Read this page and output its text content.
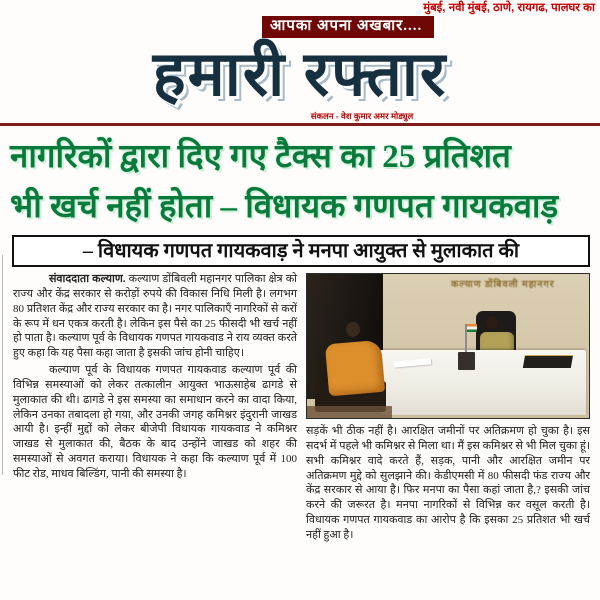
मुंबई, नवी मुंबई, ठाणे, रायगढ, पालघर का
आपका अपना अखबार....
हमारी रफ्तार
संकलन - वेश कुमार अमर मोड्युल
नागरिकों द्वारा दिए गए टैक्स का 25 प्रतिशत
भी खर्च नहीं होता – विधायक गणपत गायकवाड़
– विधायक गणपत गायकवाड़ ने मनपा आयुक्त से मुलाकात की

संवाददाता कल्याण. कल्याण डोंबिवली महानगर पालिका क्षेत्र को राज्य और केंद्र सरकार से करोड़ों रुपये की विकास निधि मिली है। लगभग 80 प्रतिशत केंद्र और राज्य सरकार का है। नगर पालिकाएँ नागरिकों से करों के रूप में धन एकत्र करती है। लेकिन इस पैसे का 25 फीसदी भी खर्च नहीं हो पाता है। कल्याण पूर्व के विधायक गणपत गायकवाड ने राय व्यक्त करते हुए कहा कि यह पैसा कहा जाता है इसकी जांच होनी चाहिए।

कल्याण पूर्व के विधायक गणपत गायकवाड कल्याण पूर्व की विभिन्न समस्याओं को लेकर तत्कालीन आयुक्त भाऊसाहेब ढागडे से मुलाकात की थी। ढागडे ने इस समस्या का समाधान करने का वादा किया, लेकिन उनका तबादला हो गया, और उनकी जगह कमिश्नर इंदुरानी जाखड आयी है। इन्हीं मुद्दों को लेकर बीजेपी विधायक गायकवाड ने कमिश्नर जाखड से मुलाकात की, बैठक के बाद उन्होंने जाखड को शहर की समस्याओं से अवगत कराया। विधायक ने कहा कि कल्याण पूर्व में 100 फीट रोड, माधव बिल्डिंग, पानी की समस्या है।

कल्याण डोंबिवली महानगर

सड़कें भी ठीक नहीं है। आरक्षित जमीनों पर अतिक्रमण हो चुका है। इस सदर्भ में पहले भी कमिश्नर से मिला था। मैं इस कमिश्नर से भी मिल चुका हूं। सभी कमिश्नर वादे करते हैं, सड़क, पानी और आरक्षित जमीन पर अतिक्रमण मुद्दे को सुलझाने की। केडीएमसी में 80 फीसदी फंड राज्य और केंद्र सरकार से आया है। फिर मनपा का पैसा कहां जाता है,? इसकी जांच करने की जरूरत है। मनपा नागरिकों से विभिन्न कर वसूल करती है। विधायक गणपत गायकवाड का आरोप है कि इसका 25 प्रतिशत भी खर्च नहीं हुआ है।
